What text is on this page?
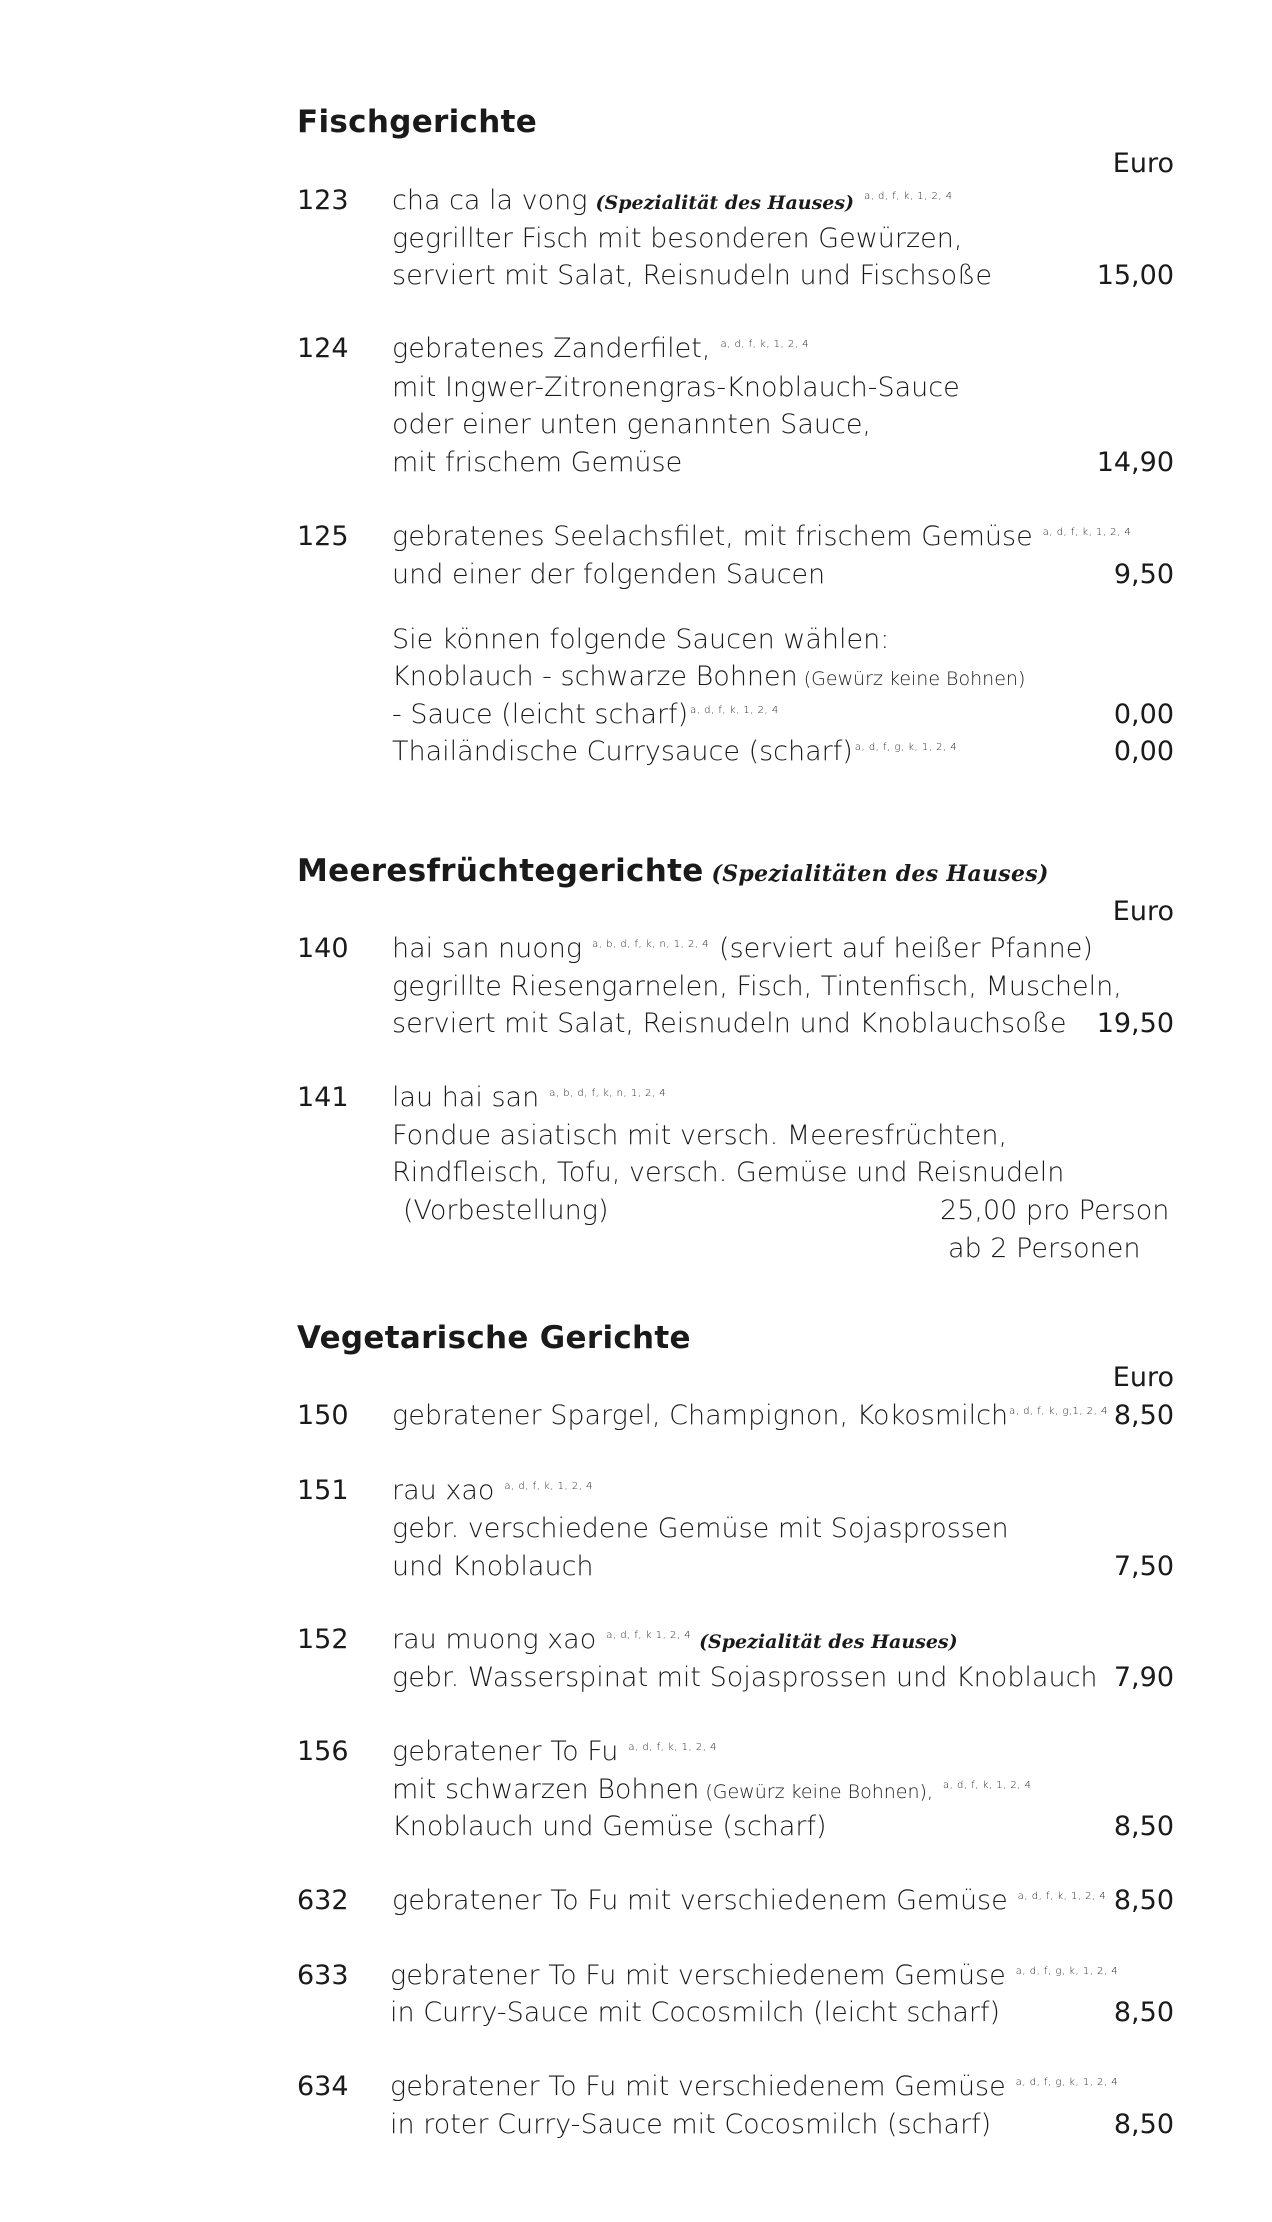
Fischgerichte
Euro
123 cha ca la vong (Spezialität des Hauses) $^{a, d, f, k, 1, 2, 4}$
gegrillter Fisch mit besonderen Gewürzen,
serviert mit Salat, Reisnudeln und Fischsoße	15,00
124 gebratenes Zanderfilet, $^{a, d, f, k, 1, 2, 4}$
mit Ingwer-Zitronengras-Knoblauch-Sauce
oder einer unten genannten Sauce,
mit frischem Gemüse	14,90
125 gebratenes Seelachsfilet, mit frischem Gemüse $^{a, d, f, k, 1, 2, 4}$
und einer der folgenden Saucen	9,50
Sie können folgende Saucen wählen:
Knoblauch - schwarze Bohnen (Gewürz keine Bohnen)
- Sauce (leicht scharf) $^{a, d, f, k, 1, 2, 4}$	0,00
Thailändische Currysauce (scharf) $^{a, d, f, g, k, 1, 2, 4}$	0,00
Meeresfrüchtegerichte (Spezialitäten des Hauses)
Euro
140 hai san nuong $^{a, b, d, f, k, n, 1, 2, 4}$ (serviert auf heißer Pfanne)
gegrillte Riesengarnelen, Fisch, Tintenfisch, Muscheln,
serviert mit Salat, Reisnudeln und Knoblauchsoße 19,50
141 lau hai san $^{a, b, d, f, k, n, 1, 2, 4}$
Fondue asiatisch mit versch. Meeresfrüchten,
Rindfleisch, Tofu, versch. Gemüse und Reisnudeln
(Vorbestellung)	25,00 pro Person
ab 2 Personen
Vegetarische Gerichte
Euro
150 gebratener Spargel, Champignon, Kokosmilch$^{a, d, f, k, g,1, 2, 4}$ 8,50
151 rau xao $^{a, d, f, k, 1, 2, 4}$
gebr. verschiedene Gemüse mit Sojasprossen
und Knoblauch	7,50
152 rau muong xao $^{a, d, f, k 1, 2, 4}$ (Spezialität des Hauses)
gebr. Wasserspinat mit Sojasprossen und Knoblauch 7,90
156 gebratener To Fu $^{a, d, f, k, 1, 2, 4}$
mit schwarzen Bohnen (Gewürz keine Bohnen), $^{a, d, f, k, 1, 2, 4}$
Knoblauch und Gemüse (scharf)	8,50
632 gebratener To Fu mit verschiedenem Gemüse $^{a, d, f, k, 1, 2, 4}$ 8,50
633 gebratener To Fu mit verschiedenem Gemüse $^{a, d, f, g, k, 1, 2, 4}$
in Curry-Sauce mit Cocosmilch (leicht scharf)	8,50
634 gebratener To Fu mit verschiedenem Gemüse $^{a, d, f, g, k, 1, 2, 4}$
in roter Curry-Sauce mit Cocosmilch (scharf)	8,50
